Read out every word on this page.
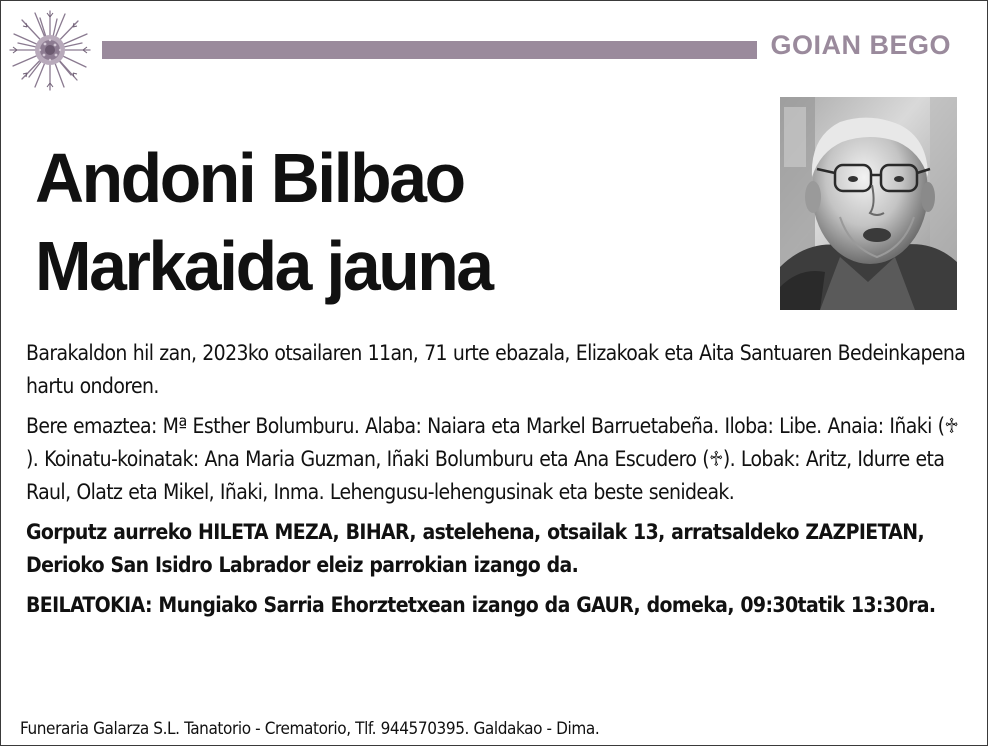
GOIAN BEGO
Andoni Bilbao
Markaida jauna

Barakaldon hil zan, 2023ko otsailaren 11an, 71 urte ebazala, Elizakoak eta Aita Santuaren Bedeinkapena hartu ondoren.

Bere emaztea: Mª Esther Bolumburu. Alaba: Naiara eta Markel Barruetabeña. Iloba: Libe. Anaia: Iñaki (♱). Koinatu-koinatak: Ana Maria Guzman, Iñaki Bolumburu eta Ana Escudero (♱). Lobak: Aritz, Idurre eta Raul, Olatz eta Mikel, Iñaki, Inma. Lehengusu-lehengusinak eta beste senideak.

Gorputz aurreko HILETA MEZA, BIHAR, astelehena, otsailak 13, arratsaldeko ZAZPIETAN, Derioko San Isidro Labrador eleiz parrokian izango da.

BEILATOKIA: Mungiako Sarria Ehorztetxean izango da GAUR, domeka, 09:30tatik 13:30ra.

Funeraria Galarza S.L. Tanatorio - Crematorio, Tlf. 944570395. Galdakao - Dima.
